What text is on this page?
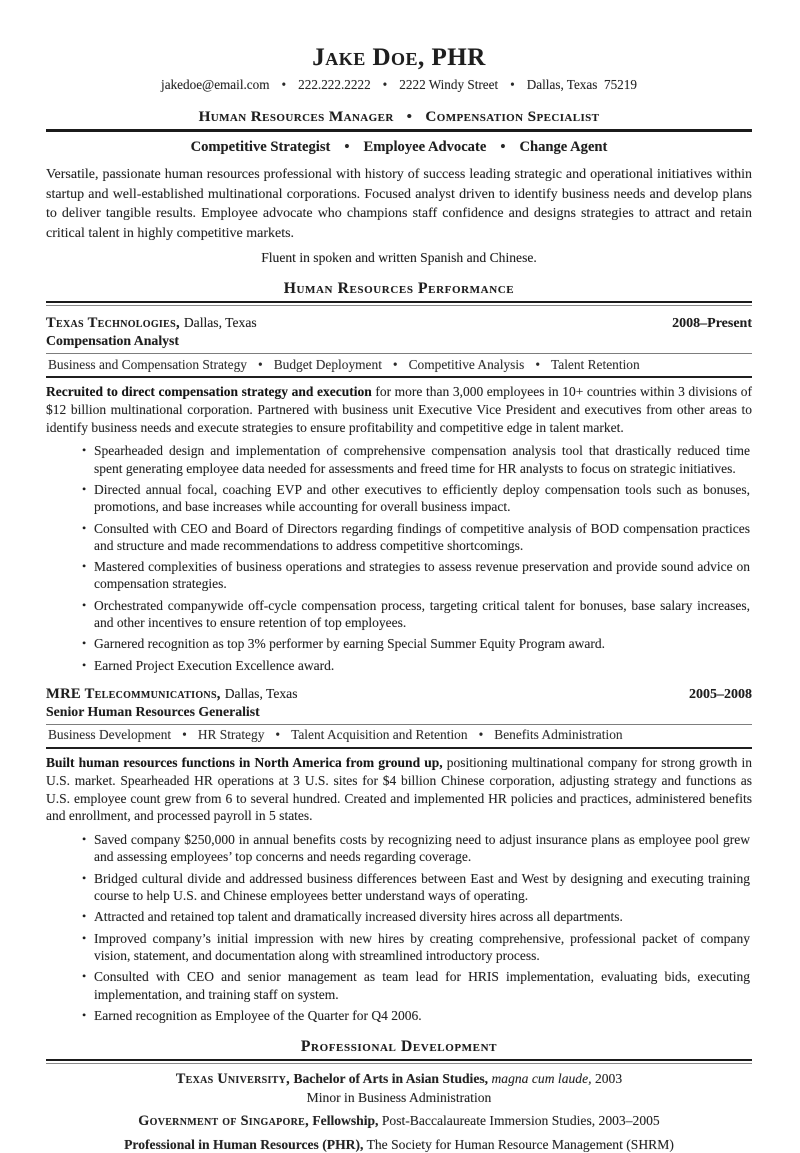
Jake Doe, PHR
jakedoe@email.com • 222.222.2222 • 2222 Windy Street • Dallas, Texas  75219
Human Resources Manager • Compensation Specialist
Competitive Strategist • Employee Advocate • Change Agent
Versatile, passionate human resources professional with history of success leading strategic and operational initiatives within startup and well-established multinational corporations. Focused analyst driven to identify business needs and develop plans to deliver tangible results. Employee advocate who champions staff confidence and designs strategies to attract and retain critical talent in highly competitive markets.
Fluent in spoken and written Spanish and Chinese.
Human Resources Performance
Texas Technologies, Dallas, Texas	2008–Present
Compensation Analyst
Business and Compensation Strategy • Budget Deployment • Competitive Analysis • Talent Retention
Recruited to direct compensation strategy and execution for more than 3,000 employees in 10+ countries within 3 divisions of $12 billion multinational corporation. Partnered with business unit Executive Vice President and executives from other areas to identify business needs and execute strategies to ensure profitability and competitive edge in talent market.
• Spearheaded design and implementation of comprehensive compensation analysis tool that drastically reduced time spent generating employee data needed for assessments and freed time for HR analysts to focus on strategic initiatives.
• Directed annual focal, coaching EVP and other executives to efficiently deploy compensation tools such as bonuses, promotions, and base increases while accounting for overall business impact.
• Consulted with CEO and Board of Directors regarding findings of competitive analysis of BOD compensation practices and structure and made recommendations to address competitive shortcomings.
• Mastered complexities of business operations and strategies to assess revenue preservation and provide sound advice on compensation strategies.
• Orchestrated companywide off-cycle compensation process, targeting critical talent for bonuses, base salary increases, and other incentives to ensure retention of top employees.
• Garnered recognition as top 3% performer by earning Special Summer Equity Program award.
• Earned Project Execution Excellence award.
MRE Telecommunications, Dallas, Texas	2005–2008
Senior Human Resources Generalist
Business Development • HR Strategy • Talent Acquisition and Retention • Benefits Administration
Built human resources functions in North America from ground up, positioning multinational company for strong growth in U.S. market. Spearheaded HR operations at 3 U.S. sites for $4 billion Chinese corporation, adjusting strategy and functions as U.S. employee count grew from 6 to several hundred. Created and implemented HR policies and practices, administered benefits and enrollment, and processed payroll in 5 states.
• Saved company $250,000 in annual benefits costs by recognizing need to adjust insurance plans as employee pool grew and assessing employees’ top concerns and needs regarding coverage.
• Bridged cultural divide and addressed business differences between East and West by designing and executing training course to help U.S. and Chinese employees better understand ways of operating.
• Attracted and retained top talent and dramatically increased diversity hires across all departments.
• Improved company’s initial impression with new hires by creating comprehensive, professional packet of company vision, statement, and documentation along with streamlined introductory process.
• Consulted with CEO and senior management as team lead for HRIS implementation, evaluating bids, executing implementation, and training staff on system.
• Earned recognition as Employee of the Quarter for Q4 2006.
Professional Development
Texas University, Bachelor of Arts in Asian Studies, magna cum laude, 2003
Minor in Business Administration
Government of Singapore, Fellowship, Post-Baccalaureate Immersion Studies, 2003–2005
Professional in Human Resources (PHR), The Society for Human Resource Management (SHRM)
